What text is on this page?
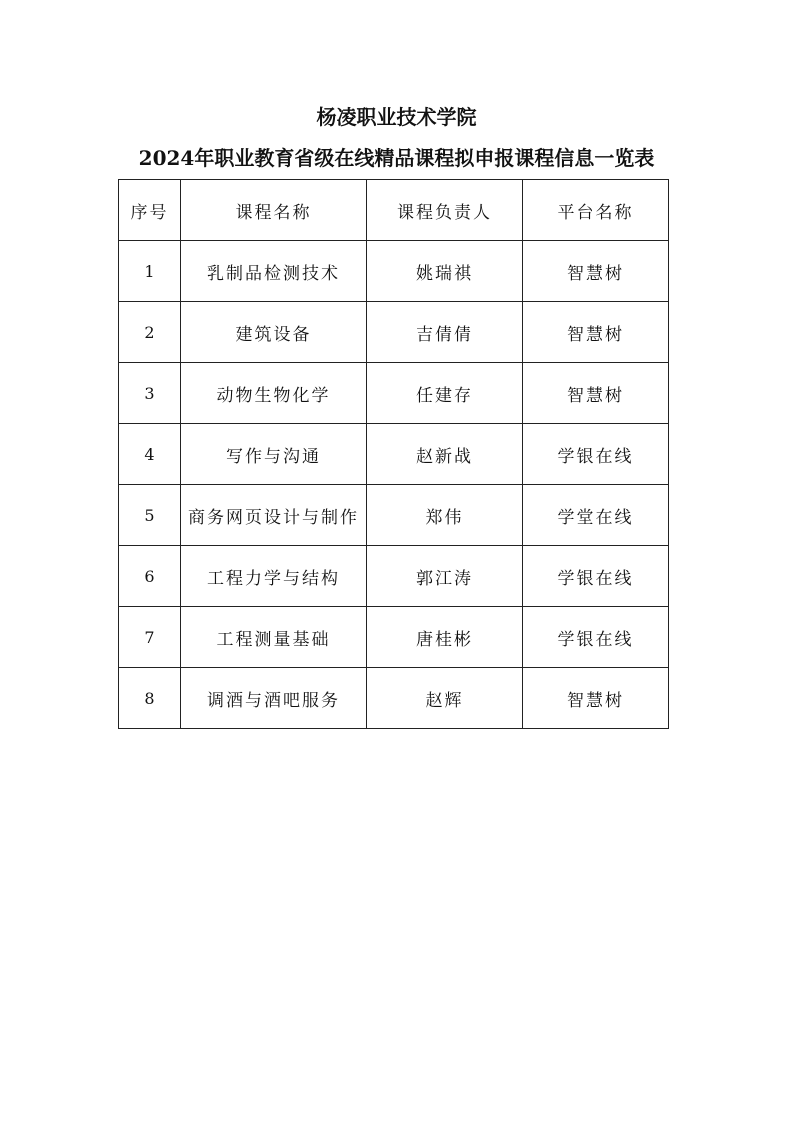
杨凌职业技术学院
2024年职业教育省级在线精品课程拟申报课程信息一览表
序号	课程名称	课程负责人	平台名称
1	乳制品检测技术	姚瑞祺	智慧树
2	建筑设备	吉倩倩	智慧树
3	动物生物化学	任建存	智慧树
4	写作与沟通	赵新战	学银在线
5	商务网页设计与制作	郑伟	学堂在线
6	工程力学与结构	郭江涛	学银在线
7	工程测量基础	唐桂彬	学银在线
8	调酒与酒吧服务	赵辉	智慧树
